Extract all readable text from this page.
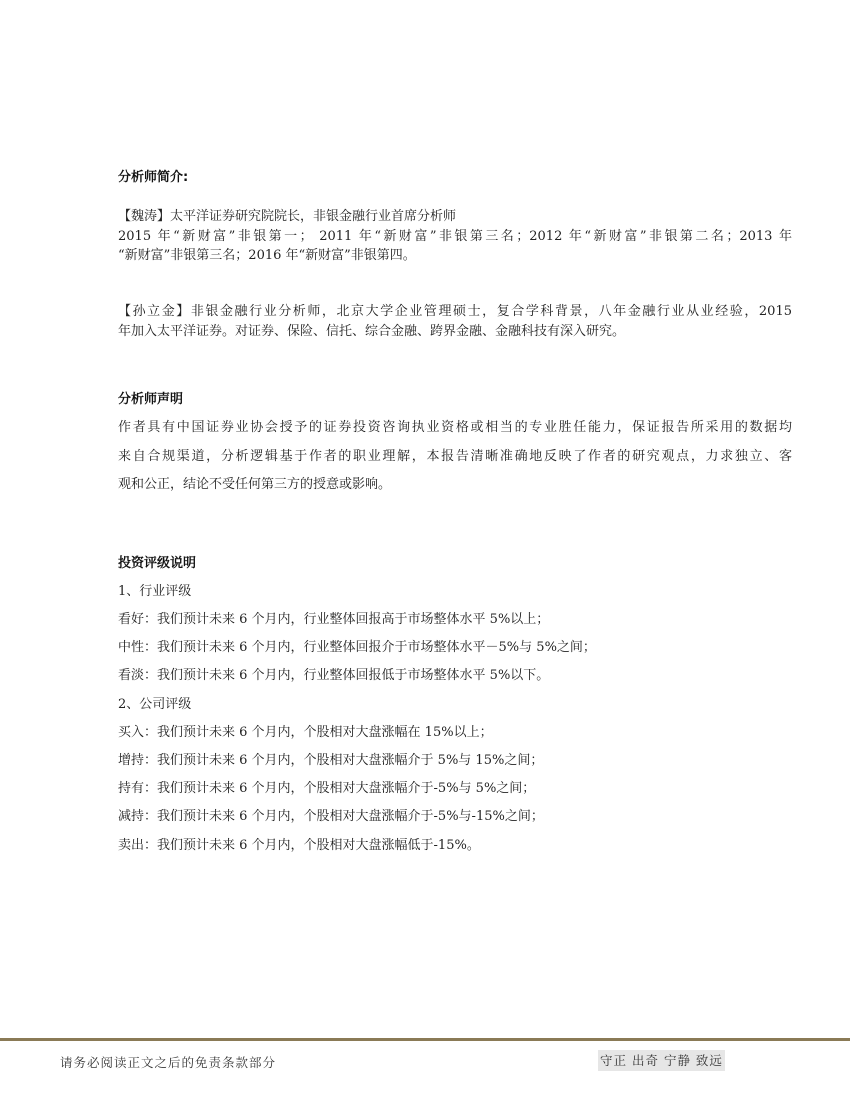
分析师简介:
【魏涛】太平洋证券研究院院长，非银金融行业首席分析师
2015 年“新财富”非银第一； 2011 年“新财富”非银第三名；2012 年“新财富”非银第二名；2013 年
“新财富”非银第三名；2016 年“新财富”非银第四。
【孙立金】非银金融行业分析师，北京大学企业管理硕士，复合学科背景，八年金融行业从业经验，2015
年加入太平洋证券。对证券、保险、信托、综合金融、跨界金融、金融科技有深入研究。
分析师声明
作者具有中国证券业协会授予的证券投资咨询执业资格或相当的专业胜任能力，保证报告所采用的数据均
来自合规渠道，分析逻辑基于作者的职业理解，本报告清晰准确地反映了作者的研究观点，力求独立、客
观和公正，结论不受任何第三方的授意或影响。
投资评级说明
1、行业评级
看好：我们预计未来 6 个月内，行业整体回报高于市场整体水平 5%以上；
中性：我们预计未来 6 个月内，行业整体回报介于市场整体水平－5%与 5%之间；
看淡：我们预计未来 6 个月内，行业整体回报低于市场整体水平 5%以下。
2、公司评级
买入：我们预计未来 6 个月内，个股相对大盘涨幅在 15%以上；
增持：我们预计未来 6 个月内，个股相对大盘涨幅介于 5%与 15%之间；
持有：我们预计未来 6 个月内，个股相对大盘涨幅介于-5%与 5%之间；
减持：我们预计未来 6 个月内，个股相对大盘涨幅介于-5%与-15%之间；
卖出：我们预计未来 6 个月内，个股相对大盘涨幅低于-15%。
请务必阅读正文之后的免责条款部分	守正 出奇 宁静 致远
